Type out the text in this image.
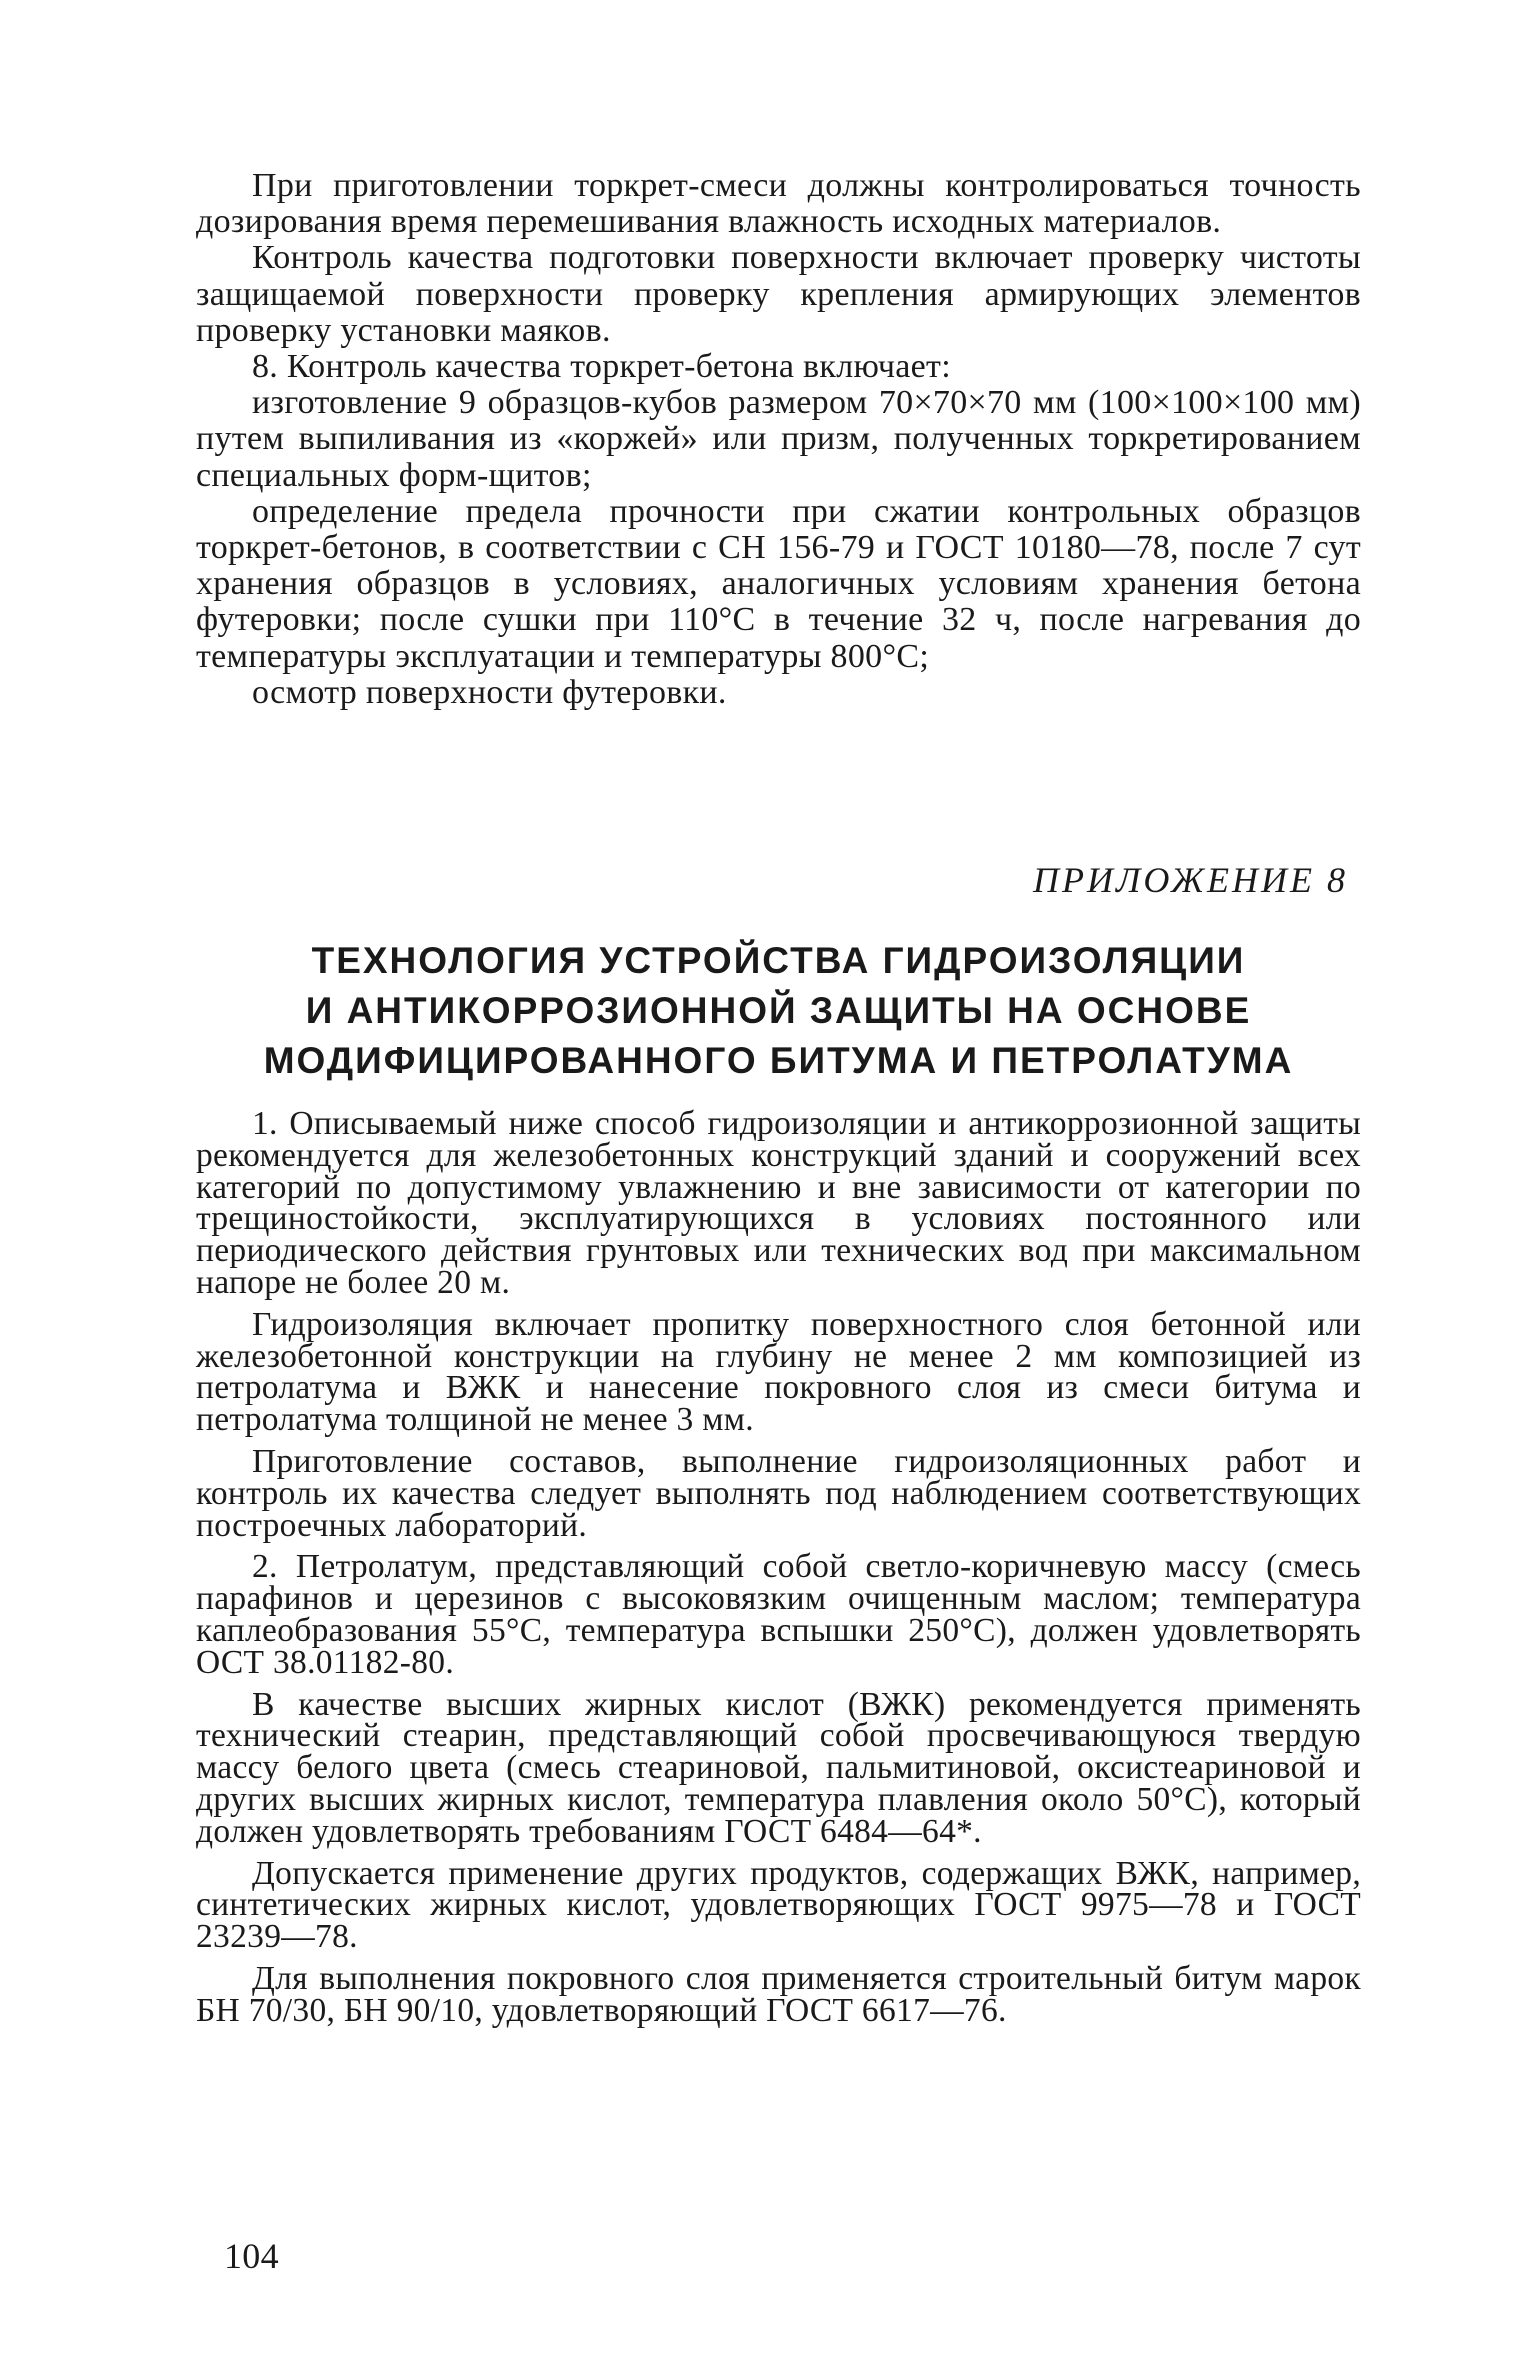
При приготовлении торкрет-смеси должны контролироваться точность дозирования время перемешивания влажность исходных материалов.

Контроль качества подготовки поверхности включает проверку чистоты защищаемой поверхности проверку крепления армирующих элементов проверку установки маяков.

8. Контроль качества торкрет-бетона включает:

изготовление 9 образцов-кубов размером 70×70×70 мм (100×100×100 мм) путем выпиливания из «коржей» или призм, полученных торкретированием специальных форм-щитов;

определение предела прочности при сжатии контрольных образцов торкрет-бетонов, в соответствии с СН 156-79 и ГОСТ 10180—78, после 7 сут хранения образцов в условиях, аналогичных условиям хранения бетона футеровки; после сушки при 110°С в течение 32 ч, после нагревания до температуры эксплуатации и температуры 800°С;

осмотр поверхности футеровки.

ПРИЛОЖЕНИЕ 8

ТЕХНОЛОГИЯ УСТРОЙСТВА ГИДРОИЗОЛЯЦИИ
И АНТИКОРРОЗИОННОЙ ЗАЩИТЫ НА ОСНОВЕ
МОДИФИЦИРОВАННОГО БИТУМА И ПЕТРОЛАТУМА

1. Описываемый ниже способ гидроизоляции и антикоррозионной защиты рекомендуется для железобетонных конструкций зданий и сооружений всех категорий по допустимому увлажнению и вне зависимости от категории по трещиностойкости, эксплуатирующихся в условиях постоянного или периодического действия грунтовых или технических вод при максимальном напоре не более 20 м.

Гидроизоляция включает пропитку поверхностного слоя бетонной или железобетонной конструкции на глубину не менее 2 мм композицией из петролатума и ВЖК и нанесение покровного слоя из смеси битума и петролатума толщиной не менее 3 мм.

Приготовление составов, выполнение гидроизоляционных работ и контроль их качества следует выполнять под наблюдением соответствующих построечных лабораторий.

2. Петролатум, представляющий собой светло-коричневую массу (смесь парафинов и церезинов с высоковязким очищенным маслом; температура каплеобразования 55°С, температура вспышки 250°С), должен удовлетворять ОСТ 38.01182-80.

В качестве высших жирных кислот (ВЖК) рекомендуется применять технический стеарин, представляющий собой просвечивающуюся твердую массу белого цвета (смесь стеариновой, пальмитиновой, оксистеариновой и других высших жирных кислот, температура плавления около 50°С), который должен удовлетворять требованиям ГОСТ 6484—64*.

Допускается применение других продуктов, содержащих ВЖК, например, синтетических жирных кислот, удовлетворяющих ГОСТ 9975—78 и ГОСТ 23239—78.

Для выполнения покровного слоя применяется строительный битум марок БН 70/30, БН 90/10, удовлетворяющий ГОСТ 6617—76.

104
